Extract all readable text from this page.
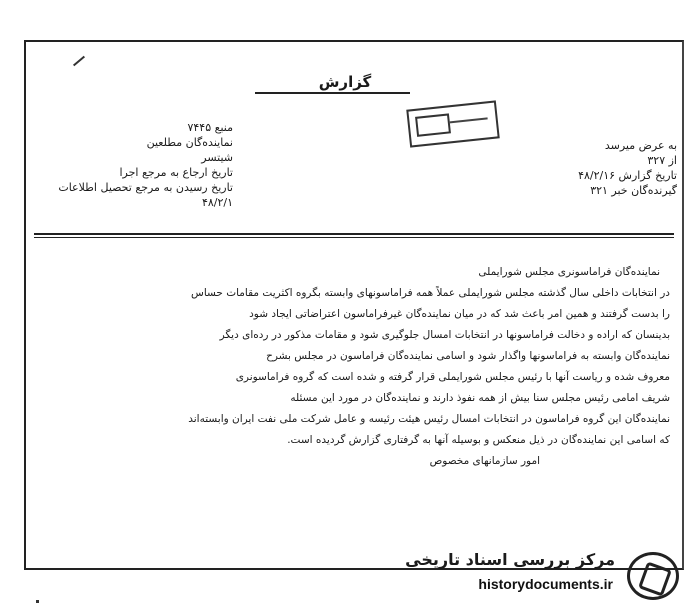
گزارش
منبع ۷۴۴۵
نماینده‌گان مطلعین
شیتسر
تاریخ ارجاع به مرجع اجرا
تاریخ رسیدن به مرجع تحصیل اطلاعات
۴۸/۲/۱
به عرض میرسد
از ۳۲۷
تاریخ گزارش ۴۸/۲/۱۶
گیرنده‌گان خبر ۳۲۱
نماینده‌گان فراماسونری مجلس شورایملی
در انتخابات داخلی سال گذشته مجلس شورایملی عملاً همه فراماسونهای وابسته بگروه اکثریت مقامات حساس
را بدست گرفتند و همین امر باعث شد که در میان نماینده‌گان غیرفراماسون اعتراضاتی ایجاد شود
بدینسان که اراده و دخالت فراماسونها در انتخابات امسال جلوگیری شود و مقامات مذکور در رده‌ای دیگر
نماینده‌گان وابسته به فراماسونها واگذار شود و اسامی نماینده‌گان فراماسون در مجلس بشرح
معروف شده و ریاست آنها با رئیس مجلس شورایملی قرار گرفته و شده است که گروه فراماسونری
شریف امامی رئیس مجلس سنا بیش از همه نفوذ دارند و نماینده‌گان در مورد این مسئله
نماینده‌گان این گروه فراماسون در انتخابات امسال رئیس هیئت رئیسه و عامل شرکت ملی نفت ایران وابسته‌اند
که اسامی این نماینده‌گان در ذیل منعکس و بوسیله آنها به گرفتاری گزارش گردیده است.
امور سازمانهای مخصوص
مرکز بررسی اسناد تاریخی
historydocuments.ir
